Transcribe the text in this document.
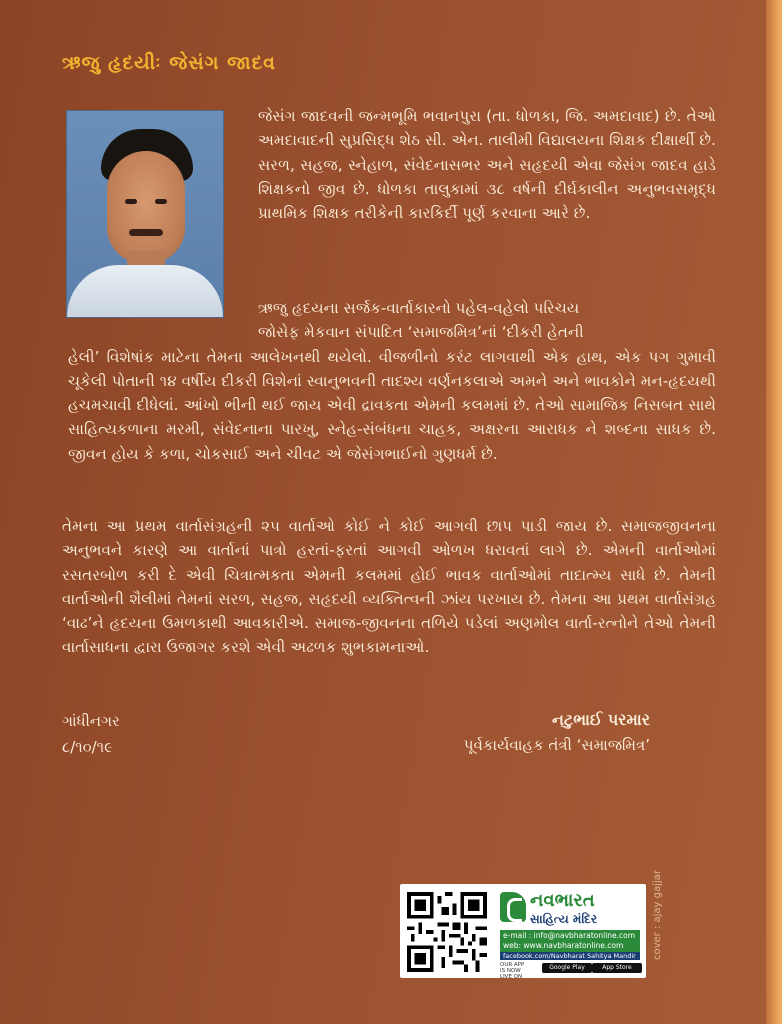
ઋજુ હૃદયીઃ જેસંગ જાદવ

જેસંગ જાદવની જન્મભૂમિ ભવાનપુરા (તા. ધોળકા, જિ. અમદાવાદ) છે. તેઓ અમદાવાદની સુપ્રસિદ્ધ શેઠ સી. એન. તાલીમી વિદ્યાલયના શિક્ષક દીક્ષાર્થી છે. સરળ, સહજ, સ્નેહાળ, સંવેદનાસભર અને સહૃદયી એવા જેસંગ જાદવ હાડે શિક્ષકનો જીવ છે. ધોળકા તાલુકામાં ૩૮ વર્ષની દીર્ઘકાલીન અનુભવસમૃદ્ધ પ્રાથમિક શિક્ષક તરીકેની કારકિર્દી પૂર્ણ કરવાના આરે છે.

ઋજુ હૃદયના સર્જક-વાર્તાકારનો પહેલ-વહેલો પરિચય
જોસેફ મેકવાન સંપાદિત ‘સમાજમિત્ર’નાં ‘દીકરી હેતની
હેલી’ વિશેષાંક માટેના તેમના આલેખનથી થયેલો. વીજળીનો કરંટ લાગવાથી એક હાથ, એક પગ ગુમાવી ચૂકેલી પોતાની ૧૪ વર્ષીય દીકરી વિશેનાં સ્વાનુભવની તાદશ્ય વર્ણનકલાએ અમને અને ભાવકોને મન-હૃદયથી હચમચાવી દીધેલાં. આંખો ભીની થઈ જાય એવી દ્રાવકતા એમની કલમમાં છે. તેઓ સામાજિક નિસબત સાથે સાહિત્યકળાના મરમી, સંવેદનાના પારખુ, સ્નેહ-સંબંધના ચાહક, અક્ષરના આરાધક ને શબ્દના સાધક છે. જીવન હોય કે કળા, ચોકસાઈ અને ચીવટ એ જેસંગભાઈનો ગુણધર્મ છે.

તેમના આ પ્રથમ વાર્તાસંગ્રહની ૨૫ વાર્તાઓ કોઈ ને કોઈ આગવી છાપ પાડી જાય છે. સમાજજીવનના અનુભવને કારણે આ વાર્તાનાં પાત્રો હરતાં-ફરતાં આગવી ઓળખ ધરાવતાં લાગે છે. એમની વાર્તાઓમાં રસતરબોળ કરી દે એવી ચિત્રાત્મકતા એમની કલમમાં હોઈ ભાવક વાર્તાઓમાં તાદાત્મ્ય સાધે છે. તેમની વાર્તાઓની શૈલીમાં તેમનાં સરળ, સહજ, સહૃદયી વ્યક્તિત્વની ઝાંય પરખાય છે. તેમના આ પ્રથમ વાર્તાસંગ્રહ ‘વાઢ’ને હૃદયના ઉમળકાથી આવકારીએ. સમાજ-જીવનના તળિયે પડેલાં અણમોલ વાર્તા-રત્નોને તેઓ તેમની વાર્તાસાધના દ્વારા ઉજાગર કરશે એવી અઢળક શુભકામનાઓ.

ગાંધીનગર
૮/૧૦/૧૯
નટુભાઈ પરમાર
પૂર્વકાર્યવાહક તંત્રી ‘સમાજમિત્ર’
નવભારત
સાહિત્ય મંદિર
e-mail : info@navbharatonline.com
web: www.navbharatonline.com
facebook.com/Navbharat Sahitya Mandir
OUR APP IS NOW LIVE ON
Google Play	App Store
cover : ajay gajjar
